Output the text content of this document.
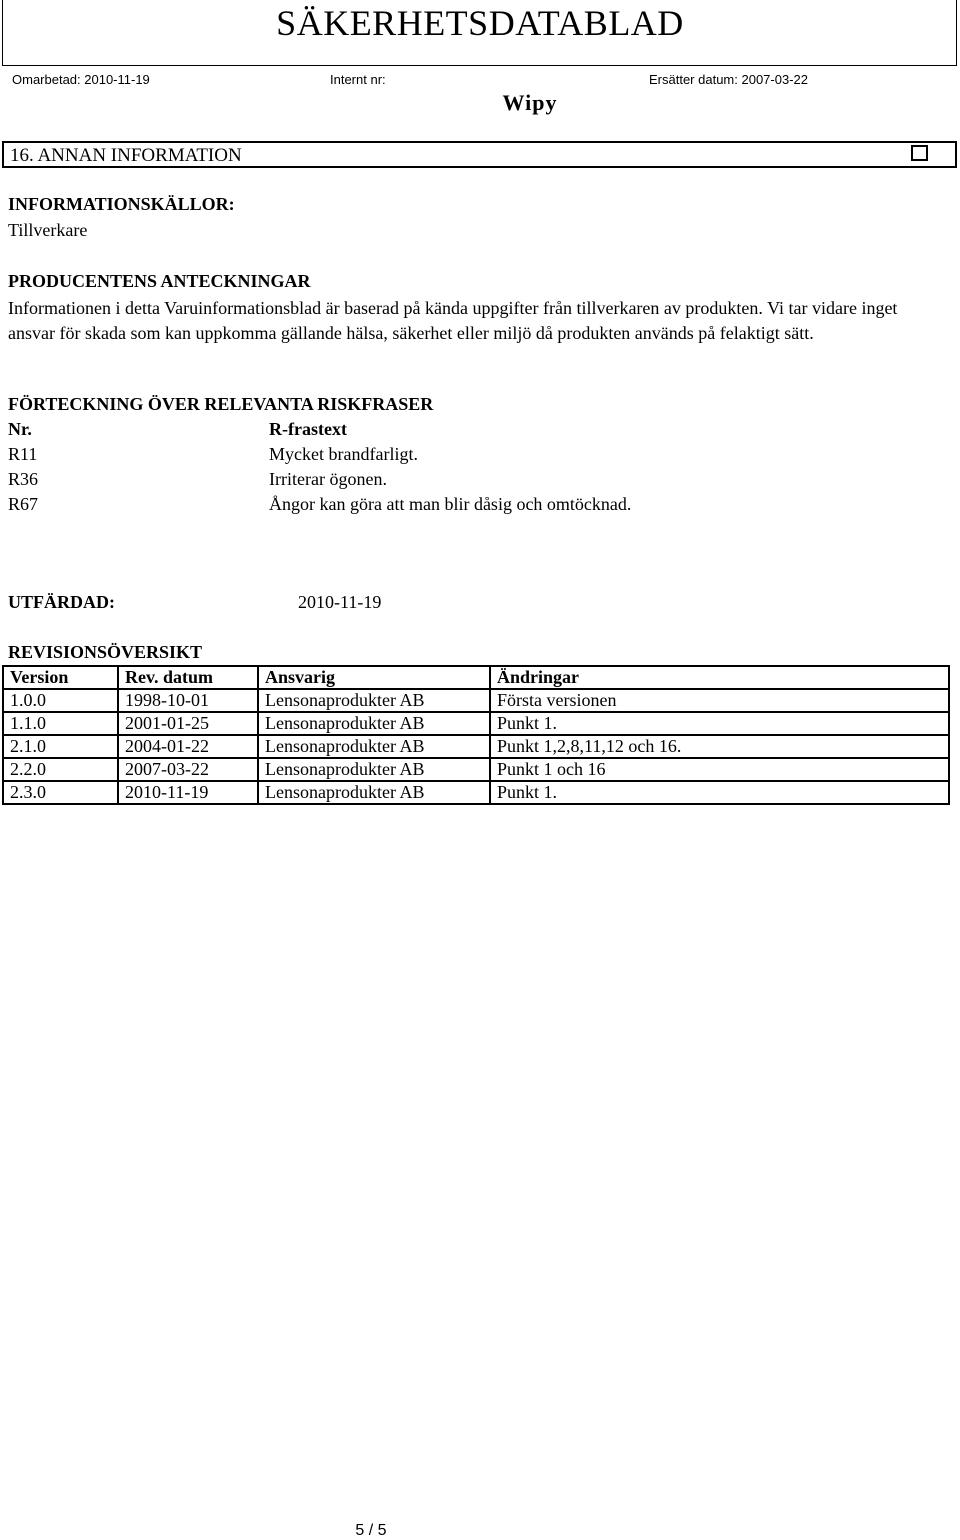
SÄKERHETSDATABLAD
Omarbetad: 2010-11-19	Internt nr:	Ersätter datum: 2007-03-22
Wipy
16. ANNAN INFORMATION
INFORMATIONSKÄLLOR:
Tillverkare
PRODUCENTENS ANTECKNINGAR
Informationen i detta Varuinformationsblad är baserad på kända uppgifter från tillverkaren av produkten. Vi tar vidare inget ansvar för skada som kan uppkomma gällande hälsa, säkerhet eller miljö då produkten används på felaktigt sätt.
FÖRTECKNING ÖVER RELEVANTA RISKFRASER
Nr.	R-frastext
R11	Mycket brandfarligt.
R36	Irriterar ögonen.
R67	Ångor kan göra att man blir dåsig och omtöcknad.
UTFÄRDAD:	2010-11-19
REVISIONSÖVERSIKT
Version	Rev. datum	Ansvarig	Ändringar
1.0.0	1998-10-01	Lensonaprodukter AB	Första versionen
1.1.0	2001-01-25	Lensonaprodukter AB	Punkt 1.
2.1.0	2004-01-22	Lensonaprodukter AB	Punkt 1,2,8,11,12 och 16.
2.2.0	2007-03-22	Lensonaprodukter AB	Punkt 1 och 16
2.3.0	2010-11-19	Lensonaprodukter AB	Punkt 1.
5 / 5
